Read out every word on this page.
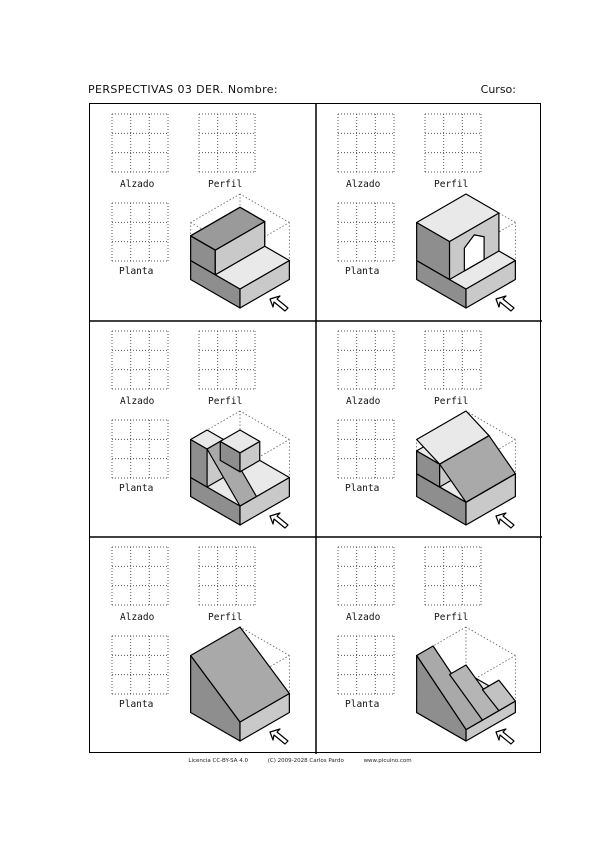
PERSPECTIVAS 03 DER. Nombre:	Curso:
Alzado	Perfil
Planta
Alzado	Perfil
Planta
Alzado	Perfil
Planta
Alzado	Perfil
Planta
Alzado	Perfil
Planta
Alzado	Perfil
Planta
Licencia CC-BY-SA 4.0	(C) 2009-2028 Carlos Pardo	www.picuino.com
